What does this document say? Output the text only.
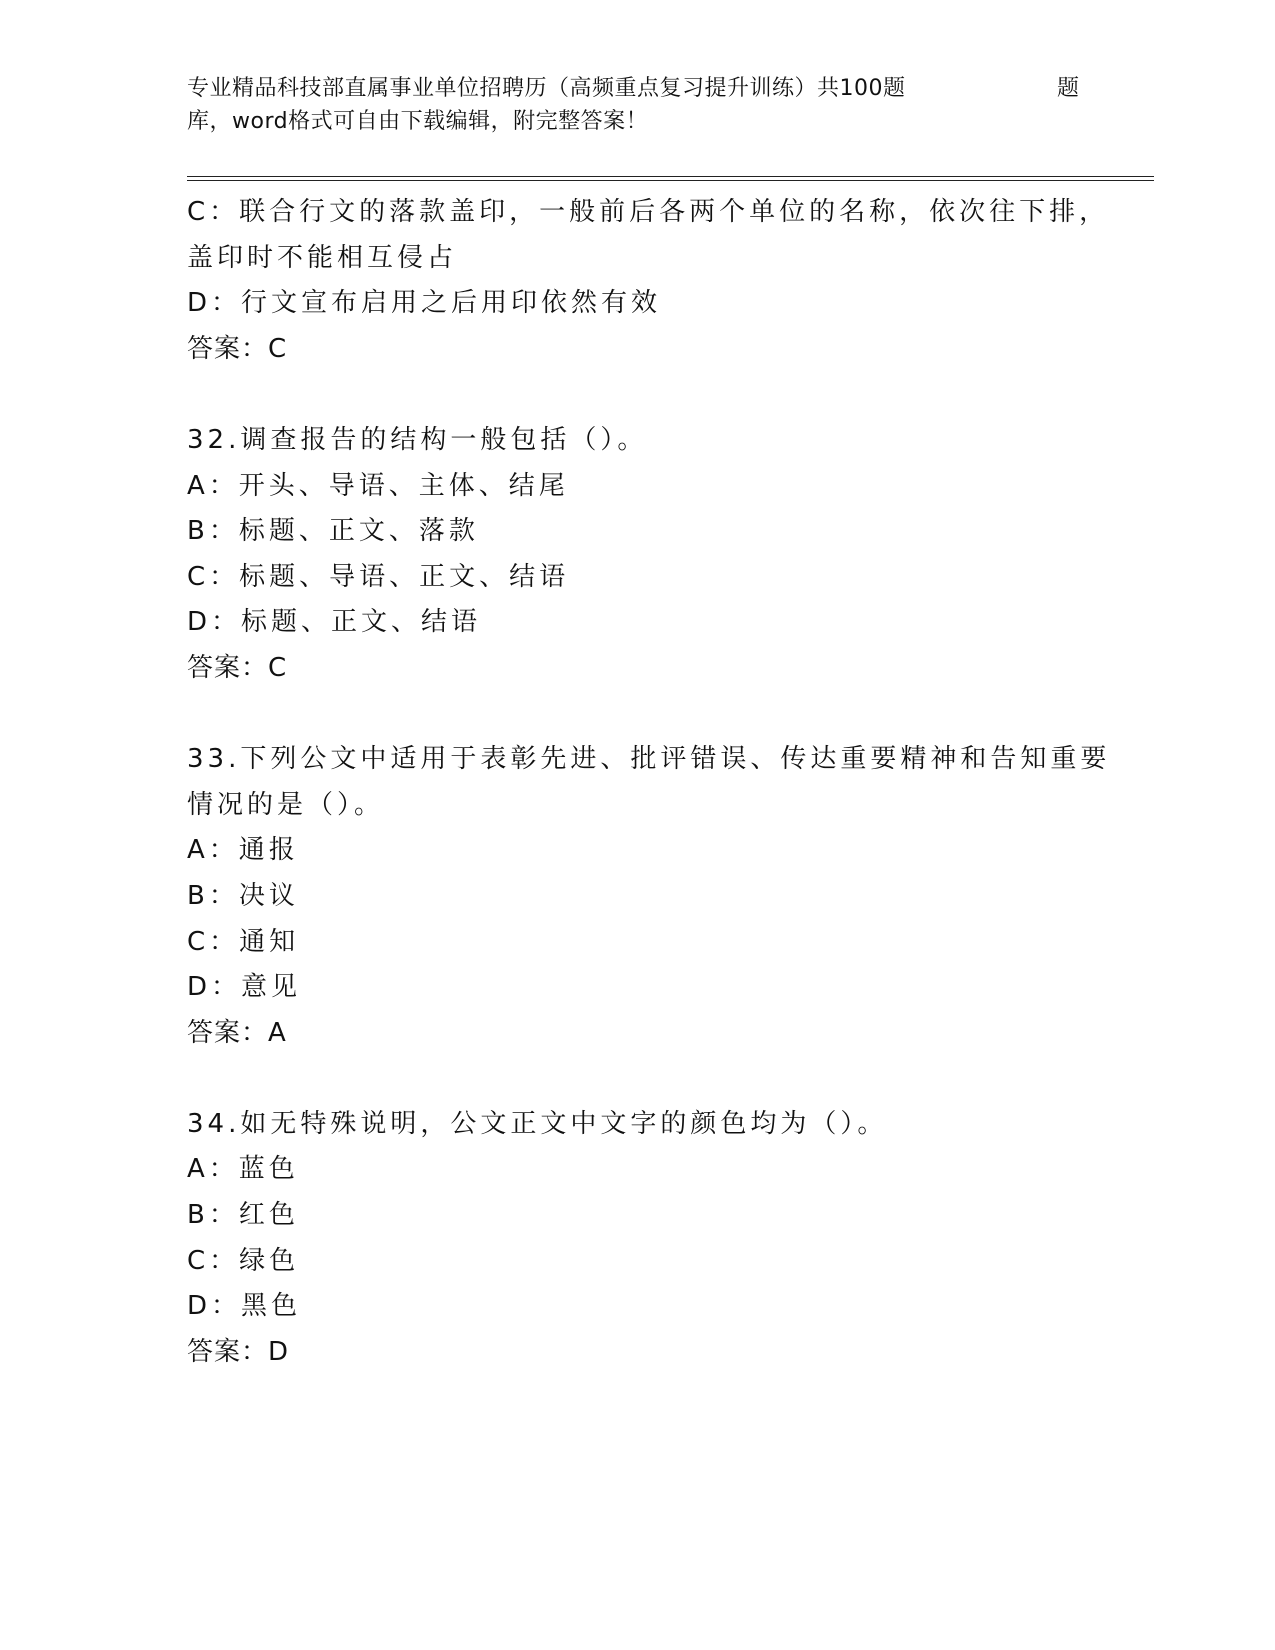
专业精品科技部直属事业单位招聘历（高频重点复习提升训练）共100题	题
库，word格式可自由下载编辑，附完整答案！
C：联合行文的落款盖印，一般前后各两个单位的名称，依次往下排，
盖印时不能相互侵占
D：行文宣布启用之后用印依然有效
答案：C
32.调查报告的结构一般包括（）。
A：开头、导语、主体、结尾
B：标题、正文、落款
C：标题、导语、正文、结语
D：标题、正文、结语
答案：C
33.下列公文中适用于表彰先进、批评错误、传达重要精神和告知重要
情况的是（）。
A：通报
B：决议
C：通知
D：意见
答案：A
34.如无特殊说明，公文正文中文字的颜色均为（）。
A：蓝色
B：红色
C：绿色
D：黑色
答案：D
